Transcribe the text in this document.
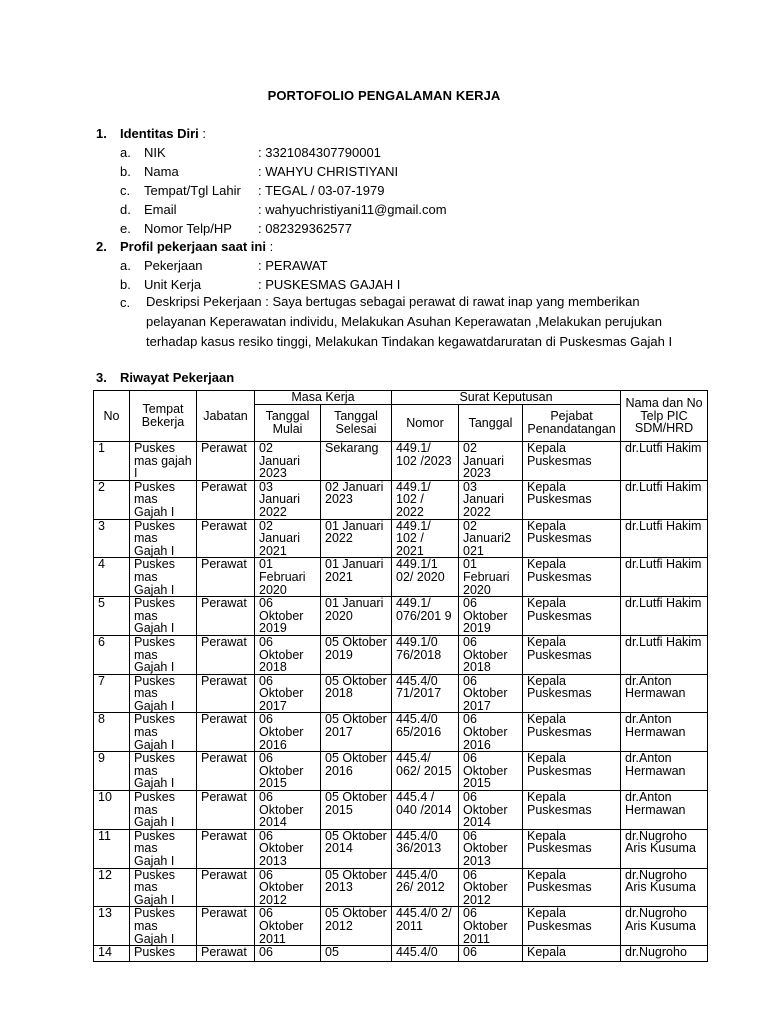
PORTOFOLIO PENGALAMAN KERJA
1.	Identitas Diri :
a. NIK	: 3321084307790001
b. Nama	: WAHYU CHRISTIYANI
c. Tempat/Tgl Lahir : TEGAL / 03-07-1979
d. Email	: wahyuchristiyani11@gmail.com
e. Nomor Telp/HP : 082329362577
2.	Profil pekerjaan saat ini :
a. Pekerjaan	: PERAWAT
b. Unit Kerja	: PUSKESMAS GAJAH I
c. Deskripsi Pekerjaan : Saya bertugas sebagai perawat di rawat inap yang memberikan
pelayanan Keperawatan individu, Melakukan Asuhan Keperawatan ,Melakukan perujukan
terhadap kasus resiko tinggi, Melakukan Tindakan kegawatdaruratan di Puskesmas Gajah I
3.	Riwayat Pekerjaan
No	Tempat Bekerja	Jabatan	Masa Kerja		Surat Keputusan			Nama dan No Telp PIC SDM/HRD
			Tanggal Mulai	Tanggal Selesai	Nomor	Tanggal	Pejabat Penandatangan	
1	Puskes mas gajah I	Perawat	02 Januari 2023	Sekarang	449.1/ 102 /2023	02 Januari 2023	Kepala Puskesmas	dr.Lutfi Hakim
2	Puskes mas Gajah I	Perawat	03 Januari 2022	02 Januari 2023	449.1/ 102 / 2022	03 Januari 2022	Kepala Puskesmas	dr.Lutfi Hakim
3	Puskes mas Gajah I	Perawat	02 Januari 2021	01 Januari 2022	449.1/ 102 / 2021	02 Januari2 021	Kepala Puskesmas	dr.Lutfi Hakim
4	Puskes mas Gajah I	Perawat	01 Februari 2020	01 Januari 2021	449.1/1 02/ 2020	01 Februari 2020	Kepala Puskesmas	dr.Lutfi Hakim
5	Puskes mas Gajah I	Perawat	06 Oktober 2019	01 Januari 2020	449.1/ 076/201 9	06 Oktober 2019	Kepala Puskesmas	dr.Lutfi Hakim
6	Puskes mas Gajah I	Perawat	06 Oktober 2018	05 Oktober 2019	449.1/0 76/2018	06 Oktober 2018	Kepala Puskesmas	dr.Lutfi Hakim
7	Puskes mas Gajah I	Perawat	06 Oktober 2017	05 Oktober 2018	445.4/0 71/2017	06 Oktober 2017	Kepala Puskesmas	dr.Anton Hermawan
8	Puskes mas Gajah I	Perawat	06 Oktober 2016	05 Oktober 2017	445.4/0 65/2016	06 Oktober 2016	Kepala Puskesmas	dr.Anton Hermawan
9	Puskes mas Gajah I	Perawat	06 Oktober 2015	05 Oktober 2016	445.4/ 062/ 2015	06 Oktober 2015	Kepala Puskesmas	dr.Anton Hermawan
10	Puskes mas Gajah I	Perawat	06 Oktober 2014	05 Oktober 2015	445.4 / 040 /2014	06 Oktober 2014	Kepala Puskesmas	dr.Anton Hermawan
11	Puskes mas Gajah I	Perawat	06 Oktober 2013	05 Oktober 2014	445.4/0 36/2013	06 Oktober 2013	Kepala Puskesmas	dr.Nugroho Aris Kusuma
12	Puskes mas Gajah I	Perawat	06 Oktober 2012	05 Oktober 2013	445.4/0 26/ 2012	06 Oktober 2012	Kepala Puskesmas	dr.Nugroho Aris Kusuma
13	Puskes mas Gajah I	Perawat	06 Oktober 2011	05 Oktober 2012	445.4/0 2/ 2011	06 Oktober 2011	Kepala Puskesmas	dr.Nugroho Aris Kusuma
14	Puskes	Perawat	06	05	445.4/0	06	Kepala	dr.Nugroho
